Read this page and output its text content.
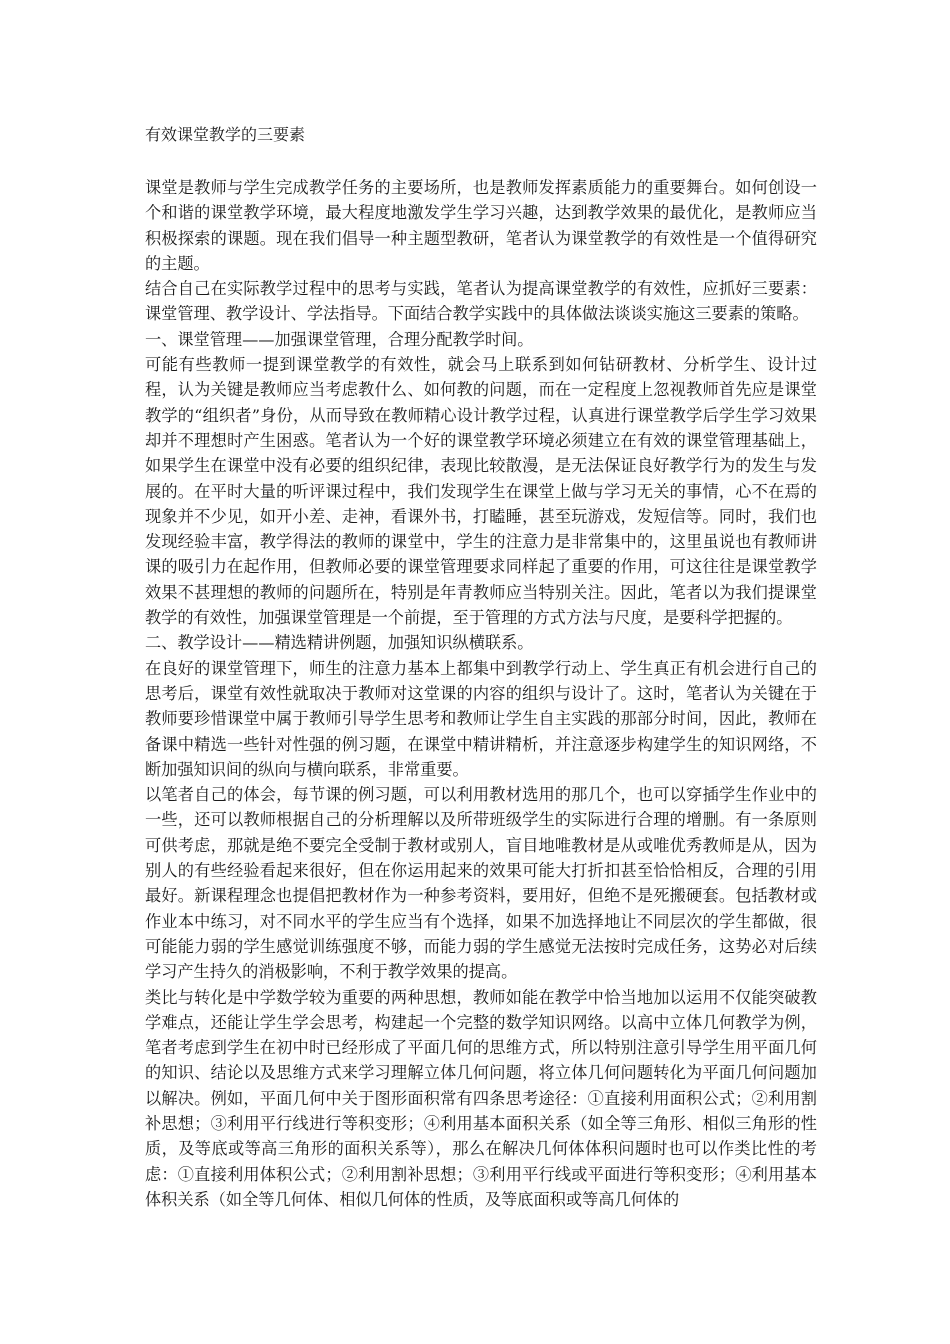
有效课堂教学的三要素

课堂是教师与学生完成教学任务的主要场所，也是教师发挥素质能力的重要舞台。如何创设一个和谐的课堂教学环境，最大程度地激发学生学习兴趣，达到教学效果的最优化，是教师应当积极探索的课题。现在我们倡导一种主题型教研，笔者认为课堂教学的有效性是一个值得研究的主题。

结合自己在实际教学过程中的思考与实践，笔者认为提高课堂教学的有效性，应抓好三要素：课堂管理、教学设计、学法指导。下面结合教学实践中的具体做法谈谈实施这三要素的策略。

一、课堂管理——加强课堂管理，合理分配教学时间。

可能有些教师一提到课堂教学的有效性，就会马上联系到如何钻研教材、分析学生、设计过程，认为关键是教师应当考虑教什么、如何教的问题，而在一定程度上忽视教师首先应是课堂教学的“组织者”身份，从而导致在教师精心设计教学过程，认真进行课堂教学后学生学习效果却并不理想时产生困惑。笔者认为一个好的课堂教学环境必须建立在有效的课堂管理基础上，如果学生在课堂中没有必要的组织纪律，表现比较散漫，是无法保证良好教学行为的发生与发展的。在平时大量的听评课过程中，我们发现学生在课堂上做与学习无关的事情，心不在焉的现象并不少见，如开小差、走神，看课外书，打瞌睡，甚至玩游戏，发短信等。同时，我们也发现经验丰富，教学得法的教师的课堂中，学生的注意力是非常集中的，这里虽说也有教师讲课的吸引力在起作用，但教师必要的课堂管理要求同样起了重要的作用，可这往往是课堂教学效果不甚理想的教师的问题所在，特别是年青教师应当特别关注。因此，笔者以为我们提课堂教学的有效性，加强课堂管理是一个前提，至于管理的方式方法与尺度，是要科学把握的。

二、教学设计——精选精讲例题，加强知识纵横联系。

在良好的课堂管理下，师生的注意力基本上都集中到教学行动上、学生真正有机会进行自己的思考后，课堂有效性就取决于教师对这堂课的内容的组织与设计了。这时，笔者认为关键在于教师要珍惜课堂中属于教师引导学生思考和教师让学生自主实践的那部分时间，因此，教师在备课中精选一些针对性强的例习题，在课堂中精讲精析，并注意逐步构建学生的知识网络，不断加强知识间的纵向与横向联系，非常重要。

以笔者自己的体会，每节课的例习题，可以利用教材选用的那几个，也可以穿插学生作业中的一些，还可以教师根据自己的分析理解以及所带班级学生的实际进行合理的增删。有一条原则可供考虑，那就是绝不要完全受制于教材或别人，盲目地唯教材是从或唯优秀教师是从，因为别人的有些经验看起来很好，但在你运用起来的效果可能大打折扣甚至恰恰相反，合理的引用最好。新课程理念也提倡把教材作为一种参考资料，要用好，但绝不是死搬硬套。包括教材或作业本中练习，对不同水平的学生应当有个选择，如果不加选择地让不同层次的学生都做，很可能能力弱的学生感觉训练强度不够，而能力弱的学生感觉无法按时完成任务，这势必对后续学习产生持久的消极影响，不利于教学效果的提高。

类比与转化是中学数学较为重要的两种思想，教师如能在教学中恰当地加以运用不仅能突破教学难点，还能让学生学会思考，构建起一个完整的数学知识网络。以高中立体几何教学为例，笔者考虑到学生在初中时已经形成了平面几何的思维方式，所以特别注意引导学生用平面几何的知识、结论以及思维方式来学习理解立体几何问题，将立体几何问题转化为平面几何问题加以解决。例如，平面几何中关于图形面积常有四条思考途径：①直接利用面积公式；②利用割补思想；③利用平行线进行等积变形；④利用基本面积关系（如全等三角形、相似三角形的性质，及等底或等高三角形的面积关系等），那么在解决几何体体积问题时也可以作类比性的考虑：①直接利用体积公式；②利用割补思想；③利用平行线或平面进行等积变形；④利用基本体积关系（如全等几何体、相似几何体的性质，及等底面积或等高几何体的
